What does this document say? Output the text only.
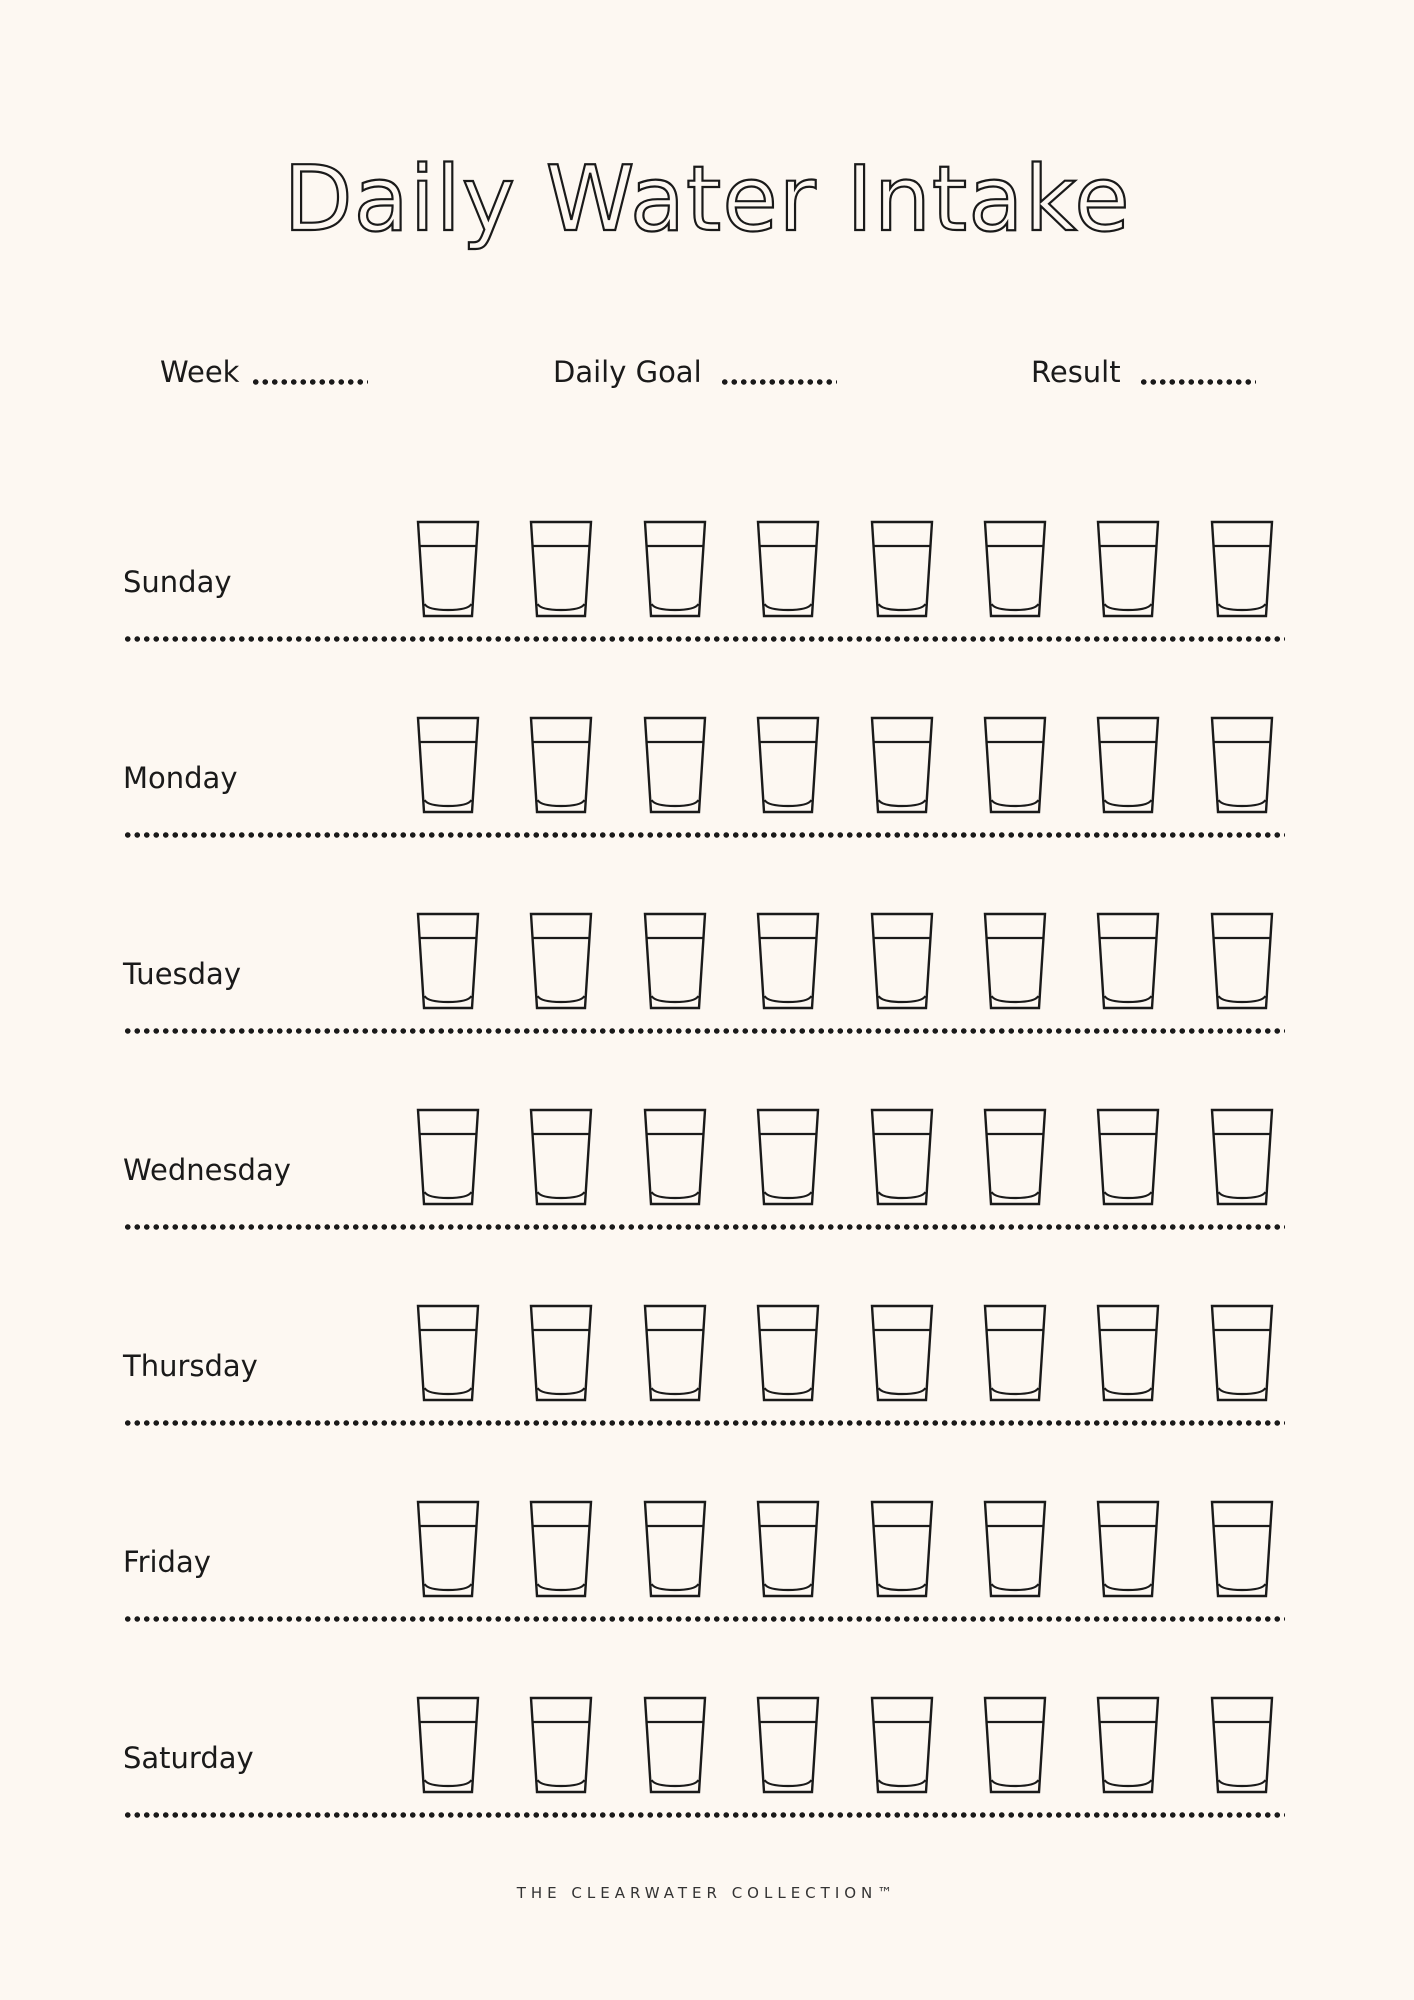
Daily Water Intake
Week	Daily Goal	Result
Sunday
Monday
Tuesday
Wednesday
Thursday
Friday
Saturday
THE CLEARWATER COLLECTION™
